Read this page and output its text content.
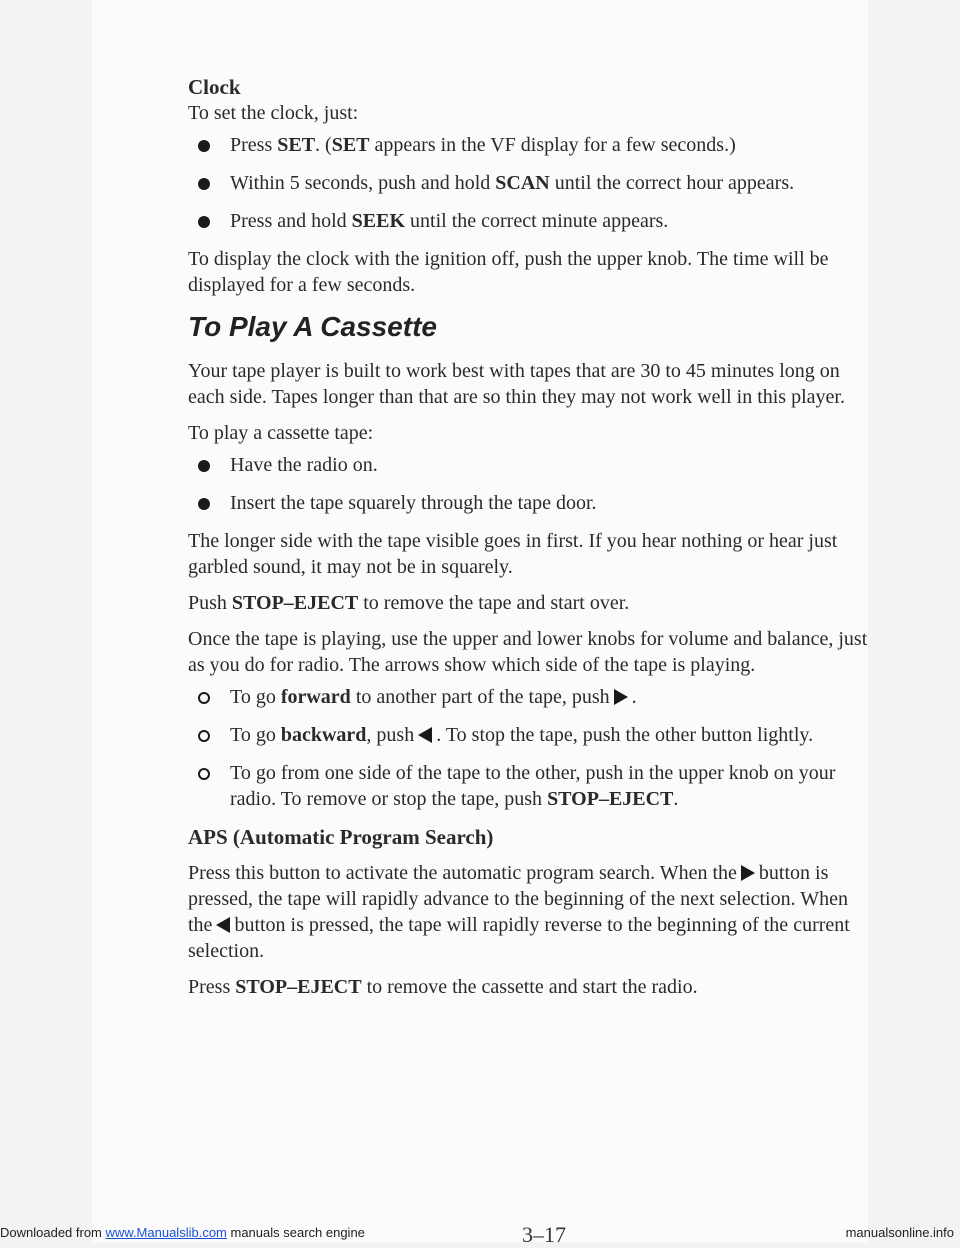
Clock

To set the clock, just:

Press SET. (SET appears in the VF display for a few seconds.)
Within 5 seconds, push and hold SCAN until the correct hour appears.
Press and hold SEEK until the correct minute appears.

To display the clock with the ignition off, push the upper knob. The time will be displayed for a few seconds.

To Play A Cassette

Your tape player is built to work best with tapes that are 30 to 45 minutes long on each side. Tapes longer than that are so thin they may not work well in this player.

To play a cassette tape:

Have the radio on.
Insert the tape squarely through the tape door.

The longer side with the tape visible goes in first. If you hear nothing or hear just garbled sound, it may not be in squarely.

Push STOP–EJECT to remove the tape and start over.

Once the tape is playing, use the upper and lower knobs for volume and balance, just as you do for radio. The arrows show which side of the tape is playing.

To go forward to another part of the tape, push .
To go backward, push . To stop the tape, push the other button lightly.
To go from one side of the tape to the other, push in the upper knob on your radio. To remove or stop the tape, push STOP–EJECT.
APS (Automatic Program Search)

Press this button to activate the automatic program search. When the button is pressed, the tape will rapidly advance to the beginning of the next selection. When the button is pressed, the tape will rapidly reverse to the beginning of the current selection.

Press STOP–EJECT to remove the cassette and start the radio.

3–17
Downloaded from www.Manualslib.com manuals search engine	manualsonline.info
